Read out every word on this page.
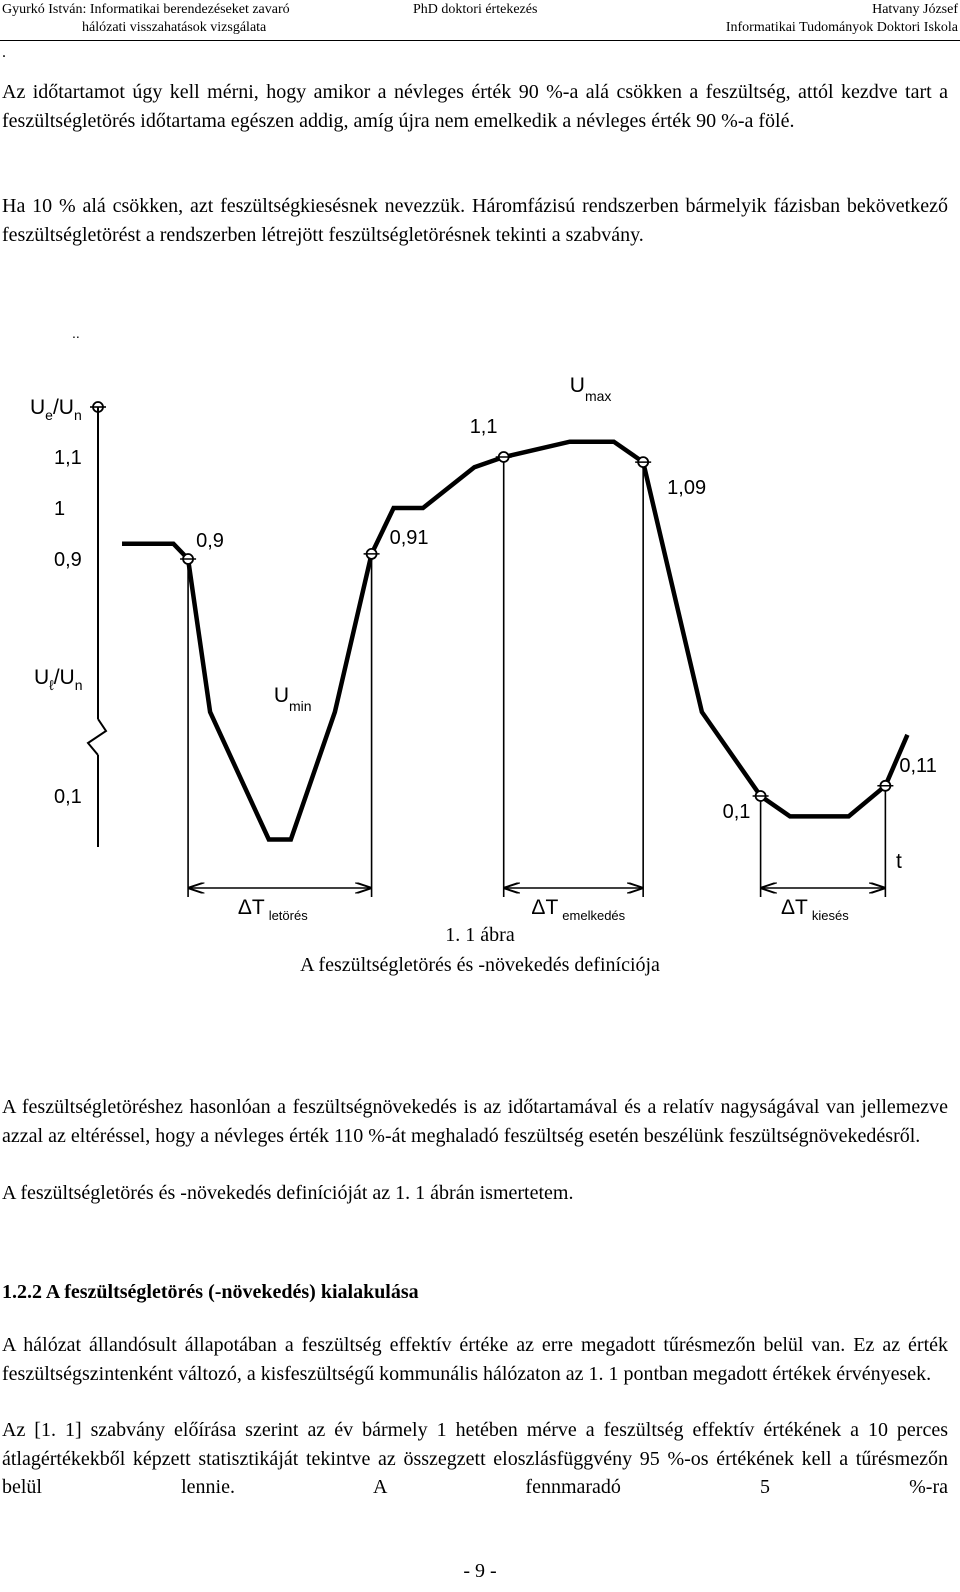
Gyurkó István: Informatikai berendezéseket zavaró
hálózati visszahatások vizsgálata
PhD doktori értekezés	Hatvany József
Informatikai Tudományok Doktori Iskola
.

Az időtartamot úgy kell mérni, hogy amikor a névleges érték 90 %-a alá csökken a feszültség, attól kezdve tart a feszültségletörés időtartama egészen addig, amíg újra nem emelkedik a névleges érték 90 %-a fölé.

Ha 10 % alá csökken, azt feszültségkiesésnek nevezzük. Háromfázisú rendszerben bármelyik fázisban bekövetkező feszültségletörést a rendszerben létrejött feszültségletörésnek tekinti a szabvány.

..
$U_e/U_n$
$U_\ell/U_n$
1,1
1
0,9
0,1
t
0,9	0,91
1,1
1,09
0,1
0,11
$U_{max}$
$U_{min}$
ΔT $_{letörés}$	ΔT $_{emelkedés}$	ΔT $_{kiesés}$
1. 1 ábra
A feszültségletörés és -növekedés definíciója

A feszültségletöréshez hasonlóan a feszültségnövekedés is az időtartamával és a relatív nagyságával van jellemezve azzal az eltéréssel, hogy a névleges érték 110 %-át meghaladó feszültség esetén beszélünk feszültségnövekedésről.

A feszültségletörés és -növekedés definícióját az 1. 1 ábrán ismertetem.

1.2.2 A feszültségletörés (-növekedés) kialakulása

A hálózat állandósult állapotában a feszültség effektív értéke az erre megadott tűrésmezőn belül van. Ez az érték feszültségszintenként változó, a kisfeszültségű kommunális hálózaton az 1. 1 pontban megadott értékek érvényesek.

Az [1. 1] szabvány előírása szerint az év bármely 1 hetében mérve a feszültség effektív értékének a 10 perces átlagértékekből képzett statisztikáját tekintve az összegzett eloszlásfüggvény 95 %-os értékének kell a tűrésmezőn belül lennie. A fennmaradó 5 %-ra

- 9 -
